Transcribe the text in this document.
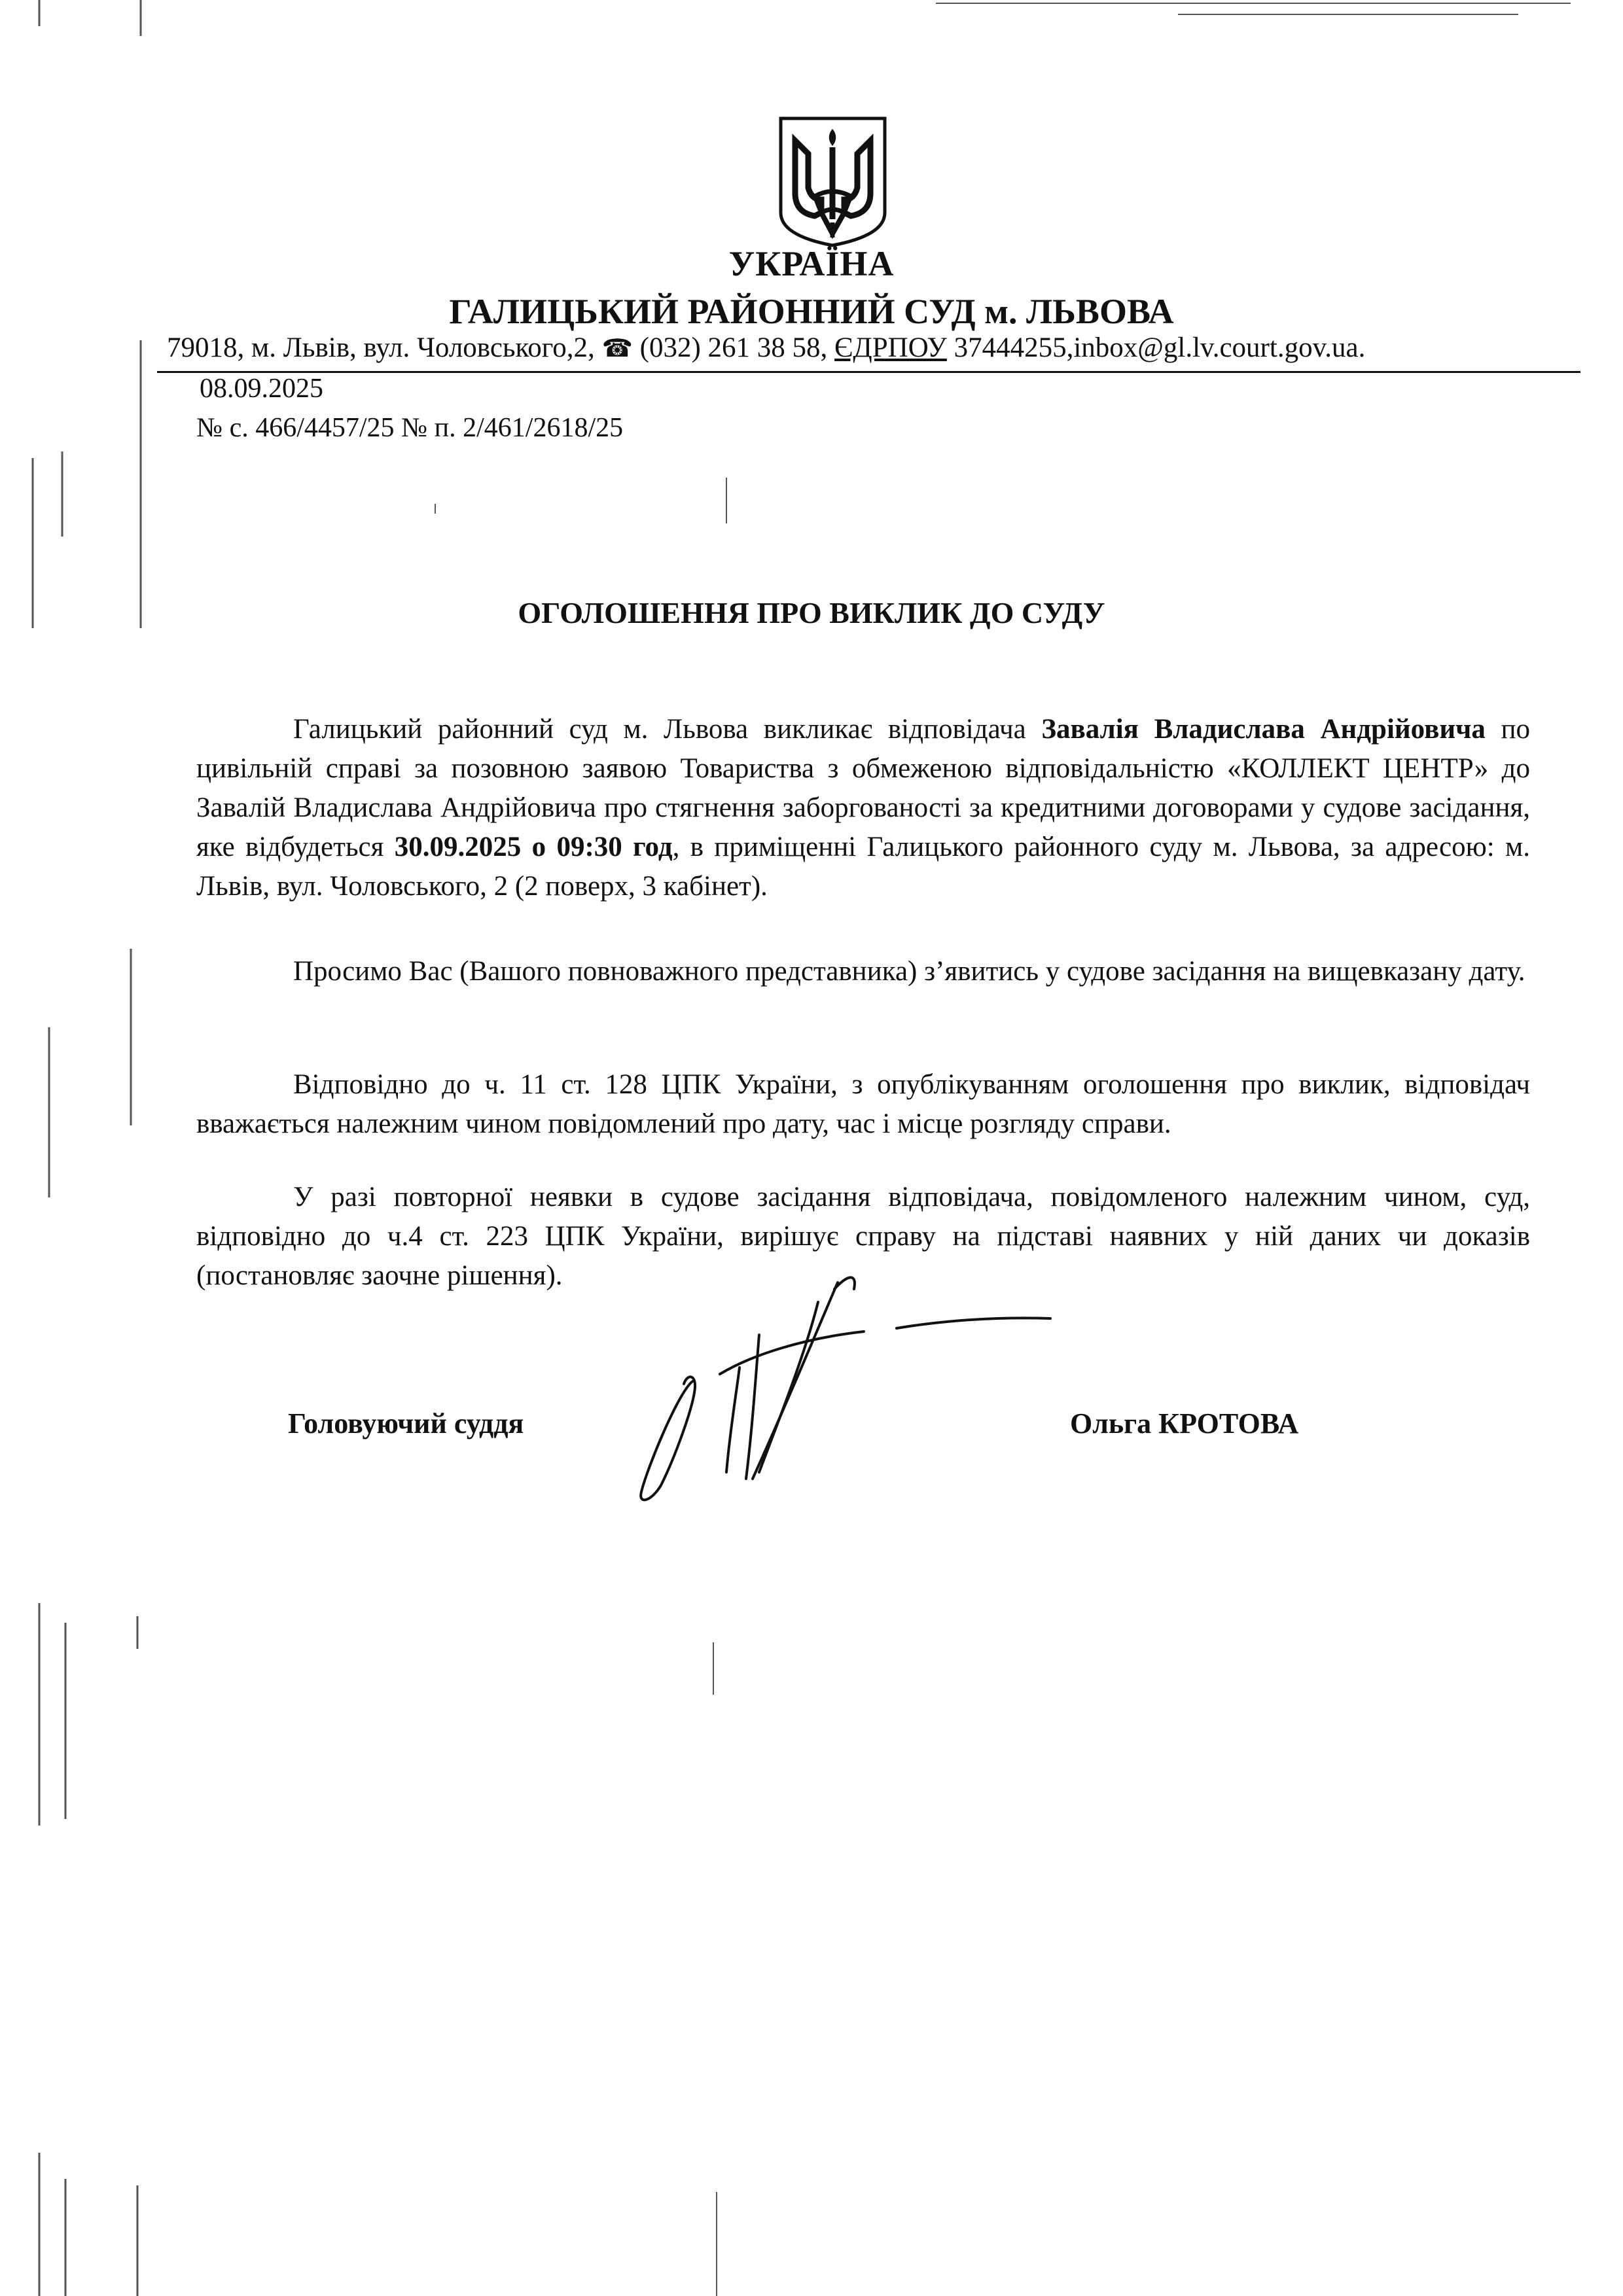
УКРАЇНА
ГАЛИЦЬКИЙ РАЙОННИЙ СУД м. ЛЬВОВА
79018, м. Львів, вул. Чоловського,2, ☎ (032) 261 38 58, ЄДРПОУ 37444255,inbox@gl.lv.court.gov.ua.
08.09.2025
№ с. 466/4457/25 № п. 2/461/2618/25
ОГОЛОШЕННЯ ПРО ВИКЛИК ДО СУДУ

Галицький районний суд м. Львова викликає відповідача Завалія Владислава Андрійовича по цивільній справі за позовною заявою Товариства з обмеженою відповідальністю «КОЛЛЕКТ ЦЕНТР» до Завалій Владислава Андрійовича про стягнення заборгованості за кредитними договорами у судове засідання, яке відбудеться 30.09.2025 о 09:30 год, в приміщенні Галицького районного суду м. Львова, за адресою: м. Львів, вул. Чоловського, 2 (2 поверх, 3 кабінет).

Просимо Вас (Вашого повноважного представника) з’явитись у судове засідання на вищевказану дату.

Відповідно до ч. 11 ст. 128 ЦПК України, з опублікуванням оголошення про виклик, відповідач вважається належним чином повідомлений про дату, час і місце розгляду справи.

У разі повторної неявки в судове засідання відповідача, повідомленого належним чином, суд, відповідно до ч.4 ст. 223 ЦПК України, вирішує справу на підставі наявних у ній даних чи доказів (постановляє заочне рішення).

Головуючий суддя	Ольга КРОТОВА
